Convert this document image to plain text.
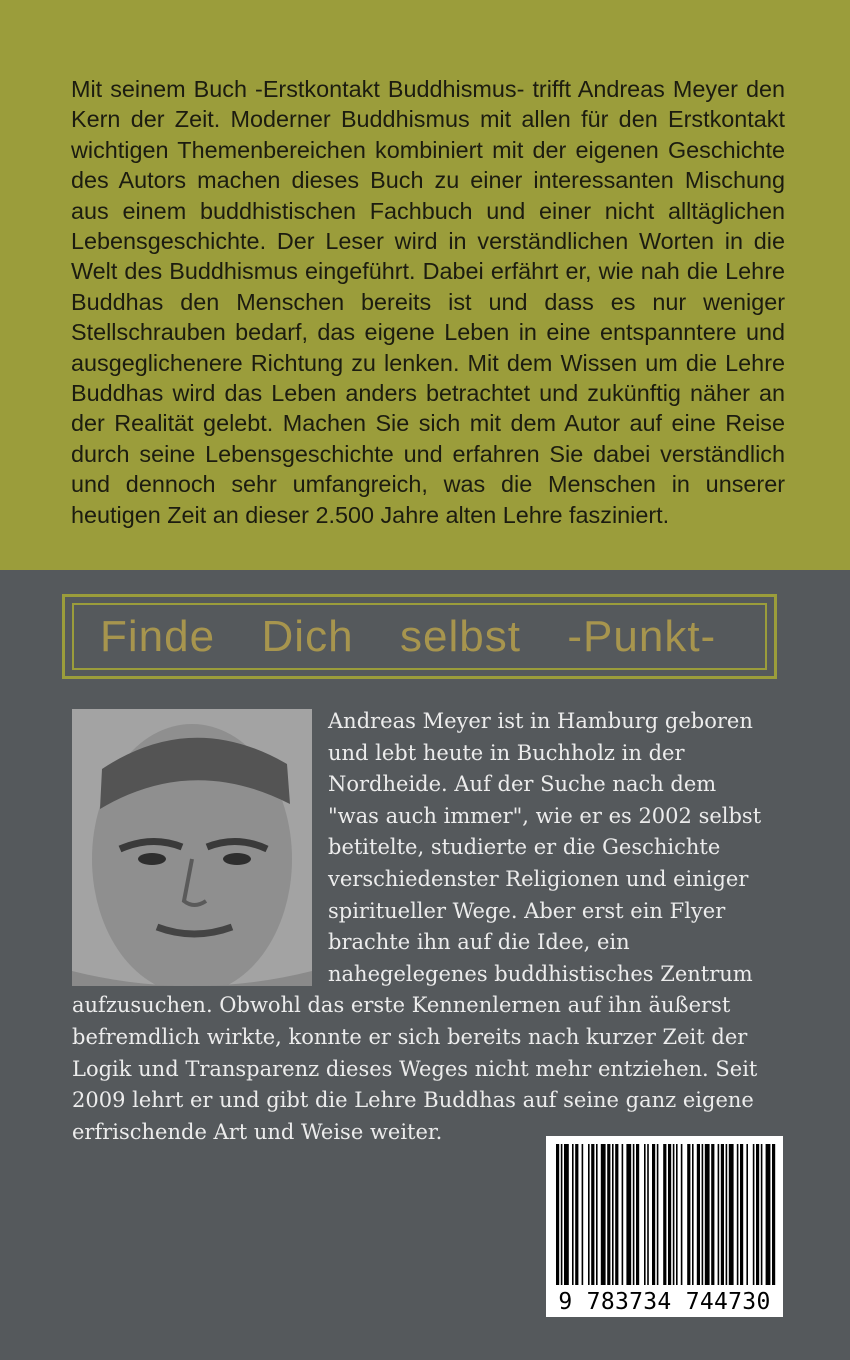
Mit seinem Buch -Erstkontakt Buddhismus- trifft Andreas Meyer den Kern der Zeit. Moderner Buddhismus mit allen für den Erstkontakt wichtigen Themenbereichen kombiniert mit der eigenen Geschichte des Autors machen dieses Buch zu einer interessanten Mischung aus einem buddhistischen Fachbuch und einer nicht alltäglichen Lebensgeschichte. Der Leser wird in verständlichen Worten in die Welt des Buddhismus eingeführt. Dabei erfährt er, wie nah die Lehre Buddhas den Menschen bereits ist und dass es nur weniger Stellschrauben bedarf, das eigene Leben in eine entspanntere und ausgeglichenere Richtung zu lenken. Mit dem Wissen um die Lehre Buddhas wird das Leben anders betrachtet und zukünftig näher an der Realität gelebt. Machen Sie sich mit dem Autor auf eine Reise durch seine Lebensgeschichte und erfahren Sie dabei verständlich und dennoch sehr umfangreich, was die Menschen in unserer heutigen Zeit an dieser 2.500 Jahre alten Lehre fasziniert.

Finde  Dich  selbst  -Punkt-

Andreas Meyer ist in Hamburg geboren und lebt heute in Buchholz in der Nordheide. Auf der Suche nach dem "was auch immer", wie er es 2002 selbst betitelte, studierte er die Geschichte verschiedenster Religionen und einiger spiritueller Wege. Aber erst ein Flyer brachte ihn auf die Idee, ein nahegelegenes buddhistisches Zentrum aufzusuchen. Obwohl das erste Kennenlernen auf ihn äußerst befremdlich wirkte, konnte er sich bereits nach kurzer Zeit der Logik und Transparenz dieses Weges nicht mehr entziehen. Seit 2009 lehrt er und gibt die Lehre Buddhas auf seine ganz eigene erfrischende Art und Weise weiter.

9 783734 744730
